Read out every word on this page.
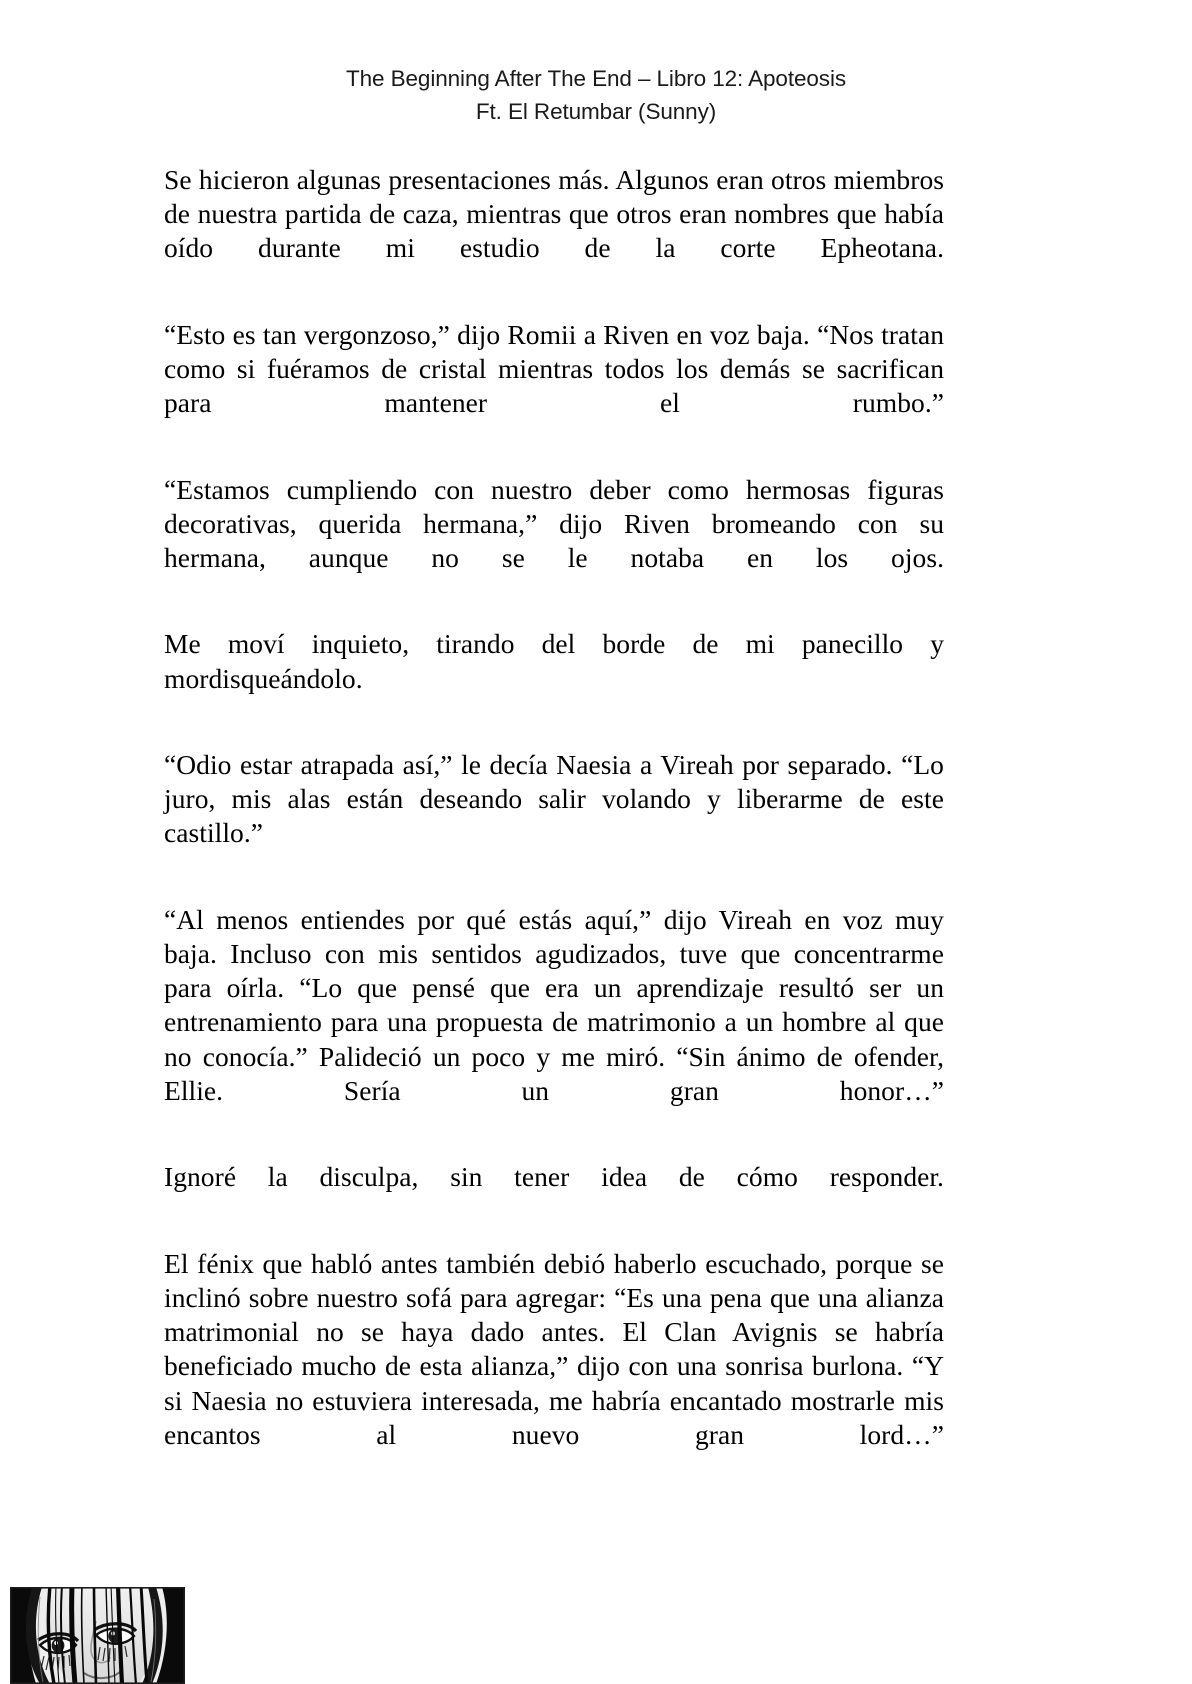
The Beginning After The End – Libro 12: Apoteosis
Ft. El Retumbar (Sunny)

Se hicieron algunas presentaciones más. Algunos eran otros miembros de nuestra partida de caza, mientras que otros eran nombres que había oído durante mi estudio de la corte Epheotana.

“Esto es tan vergonzoso,” dijo Romii a Riven en voz baja. “Nos tratan como si fuéramos de cristal mientras todos los demás se sacrifican para mantener el rumbo.”

“Estamos cumpliendo con nuestro deber como hermosas figuras decorativas, querida hermana,” dijo Riven bromeando con su hermana, aunque no se le notaba en los ojos.

Me moví inquieto, tirando del borde de mi panecillo y mordisqueándolo.

“Odio estar atrapada así,” le decía Naesia a Vireah por separado. “Lo juro, mis alas están deseando salir volando y liberarme de este castillo.”

“Al menos entiendes por qué estás aquí,” dijo Vireah en voz muy baja. Incluso con mis sentidos agudizados, tuve que concentrarme para oírla. “Lo que pensé que era un aprendizaje resultó ser un entrenamiento para una propuesta de matrimonio a un hombre al que no conocía.” Palideció un poco y me miró. “Sin ánimo de ofender, Ellie. Sería un gran honor…”

Ignoré la disculpa, sin tener idea de cómo responder.

El fénix que habló antes también debió haberlo escuchado, porque se inclinó sobre nuestro sofá para agregar: “Es una pena que una alianza matrimonial no se haya dado antes. El Clan Avignis se habría beneficiado mucho de esta alianza,” dijo con una sonrisa burlona. “Y si Naesia no estuviera interesada, me habría encantado mostrarle mis encantos al nuevo gran lord…”
